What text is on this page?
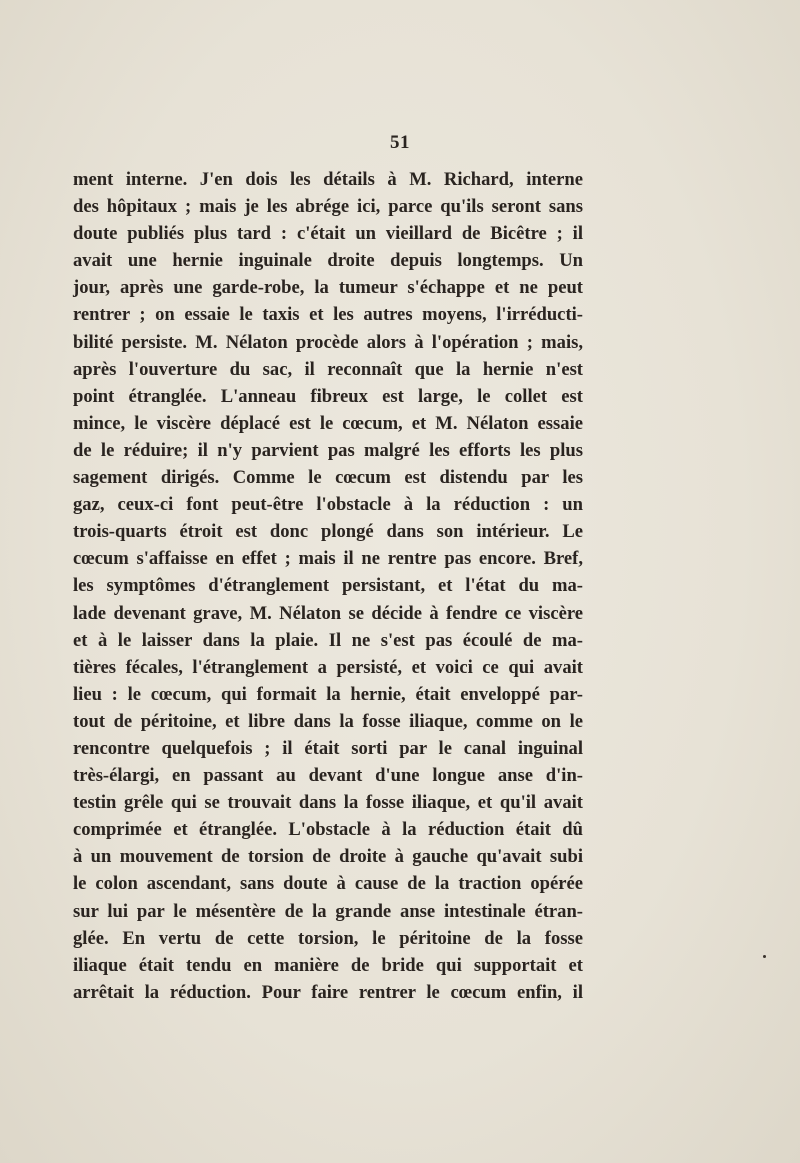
51
ment interne. J'en dois les détails à M. Richard, interne
des hôpitaux ; mais je les abrége ici, parce qu'ils seront sans
doute publiés plus tard : c'était un vieillard de Bicêtre ; il
avait une hernie inguinale droite depuis longtemps. Un
jour, après une garde-robe, la tumeur s'échappe et ne peut
rentrer ; on essaie le taxis et les autres moyens, l'irréducti-
bilité persiste. M. Nélaton procède alors à l'opération ; mais,
après l'ouverture du sac, il reconnaît que la hernie n'est
point étranglée. L'anneau fibreux est large, le collet est
mince, le viscère déplacé est le cœcum, et M. Nélaton essaie
de le réduire; il n'y parvient pas malgré les efforts les plus
sagement dirigés. Comme le cœcum est distendu par les
gaz, ceux-ci font peut-être l'obstacle à la réduction : un
trois-quarts étroit est donc plongé dans son intérieur. Le
cœcum s'affaisse en effet ; mais il ne rentre pas encore. Bref,
les symptômes d'étranglement persistant, et l'état du ma-
lade devenant grave, M. Nélaton se décide à fendre ce viscère
et à le laisser dans la plaie. Il ne s'est pas écoulé de ma-
tières fécales, l'étranglement a persisté, et voici ce qui avait
lieu : le cœcum, qui formait la hernie, était enveloppé par-
tout de péritoine, et libre dans la fosse iliaque, comme on le
rencontre quelquefois ; il était sorti par le canal inguinal
très-élargi, en passant au devant d'une longue anse d'in-
testin grêle qui se trouvait dans la fosse iliaque, et qu'il avait
comprimée et étranglée. L'obstacle à la réduction était dû
à un mouvement de torsion de droite à gauche qu'avait subi
le colon ascendant, sans doute à cause de la traction opérée
sur lui par le mésentère de la grande anse intestinale étran-
glée. En vertu de cette torsion, le péritoine de la fosse
iliaque était tendu en manière de bride qui supportait et
arrêtait la réduction. Pour faire rentrer le cœcum enfin, il
